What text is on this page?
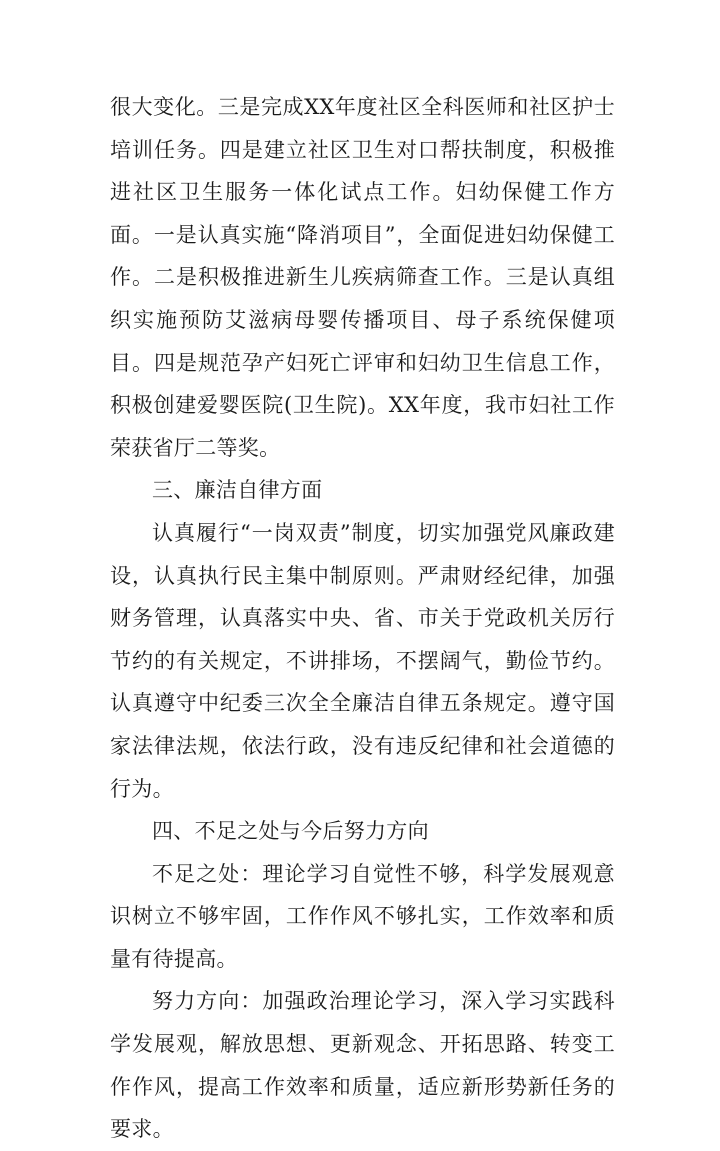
很大变化。三是完成XX年度社区全科医师和社区护士培训任务。四是建立社区卫生对口帮扶制度，积极推进社区卫生服务一体化试点工作。妇幼保健工作方面。一是认真实施“降消项目”，全面促进妇幼保健工作。二是积极推进新生儿疾病筛查工作。三是认真组织实施预防艾滋病母婴传播项目、母子系统保健项目。四是规范孕产妇死亡评审和妇幼卫生信息工作，积极创建爱婴医院(卫生院)。XX年度，我市妇社工作荣获省厅二等奖。

三、廉洁自律方面

认真履行“一岗双责”制度，切实加强党风廉政建设，认真执行民主集中制原则。严肃财经纪律，加强财务管理，认真落实中央、省、市关于党政机关厉行节约的有关规定，不讲排场，不摆阔气，勤俭节约。认真遵守中纪委三次全全廉洁自律五条规定。遵守国家法律法规，依法行政，没有违反纪律和社会道德的行为。

四、不足之处与今后努力方向

不足之处：理论学习自觉性不够，科学发展观意识树立不够牢固，工作作风不够扎实，工作效率和质量有待提高。

努力方向：加强政治理论学习，深入学习实践科学发展观，解放思想、更新观念、开拓思路、转变工作作风，提高工作效率和质量，适应新形势新任务的要求。
